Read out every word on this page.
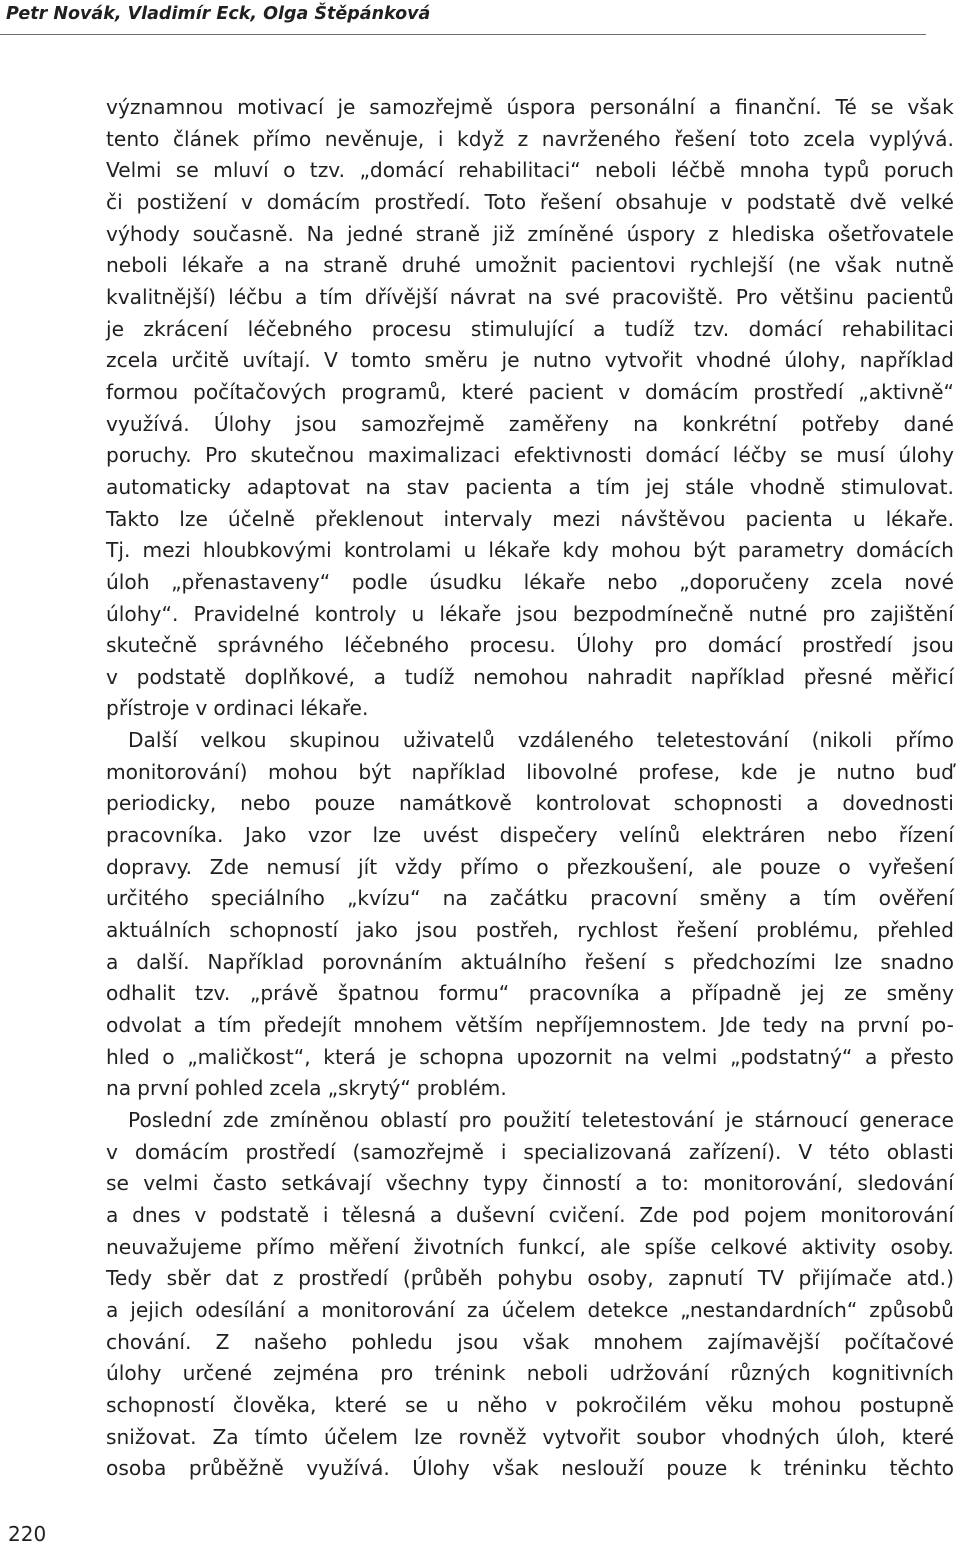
Petr Novák, Vladimír Eck, Olga Štěpánková
významnou motivací je samozřejmě úspora personální a finanční. Té se však
tento článek přímo nevěnuje, i když z navrženého řešení toto zcela vyplývá.
Velmi se mluví o tzv. „domácí rehabilitaci“ neboli léčbě mnoha typů poruch
či postižení v domácím prostředí. Toto řešení obsahuje v podstatě dvě velké
výhody současně. Na jedné straně již zmíněné úspory z hlediska ošetřovatele
neboli lékaře a na straně druhé umožnit pacientovi rychlejší (ne však nutně
kvalitnější) léčbu a tím dřívější návrat na své pracoviště. Pro většinu pacientů
je zkrácení léčebného procesu stimulující a tudíž tzv. domácí rehabilitaci
zcela určitě uvítají. V tomto směru je nutno vytvořit vhodné úlohy, například
formou počítačových programů, které pacient v domácím prostředí „aktivně“
využívá. Úlohy jsou samozřejmě zaměřeny na konkrétní potřeby dané
poruchy. Pro skutečnou maximalizaci efektivnosti domácí léčby se musí úlohy
automaticky adaptovat na stav pacienta a tím jej stále vhodně stimulovat.
Takto lze účelně překlenout intervaly mezi návštěvou pacienta u lékaře.
Tj. mezi hloubkovými kontrolami u lékaře kdy mohou být parametry domácích
úloh „přenastaveny“ podle úsudku lékaře nebo „doporučeny zcela nové
úlohy“. Pravidelné kontroly u lékaře jsou bezpodmínečně nutné pro zajištění
skutečně správného léčebného procesu. Úlohy pro domácí prostředí jsou
v podstatě doplňkové, a tudíž nemohou nahradit například přesné měřicí
přístroje v ordinaci lékaře.
Další velkou skupinou uživatelů vzdáleného teletestování (nikoli přímo
monitorování) mohou být například libovolné profese, kde je nutno buď
periodicky, nebo pouze namátkově kontrolovat schopnosti a dovednosti
pracovníka. Jako vzor lze uvést dispečery velínů elektráren nebo řízení
dopravy. Zde nemusí jít vždy přímo o přezkoušení, ale pouze o vyřešení
určitého speciálního „kvízu“ na začátku pracovní směny a tím ověření
aktuálních schopností jako jsou postřeh, rychlost řešení problému, přehled
a další. Například porovnáním aktuálního řešení s předchozími lze snadno
odhalit tzv. „právě špatnou formu“ pracovníka a případně jej ze směny
odvolat a tím předejít mnohem větším nepříjemnostem. Jde tedy na první po-
hled o „maličkost“, která je schopna upozornit na velmi „podstatný“ a přesto
na první pohled zcela „skrytý“ problém.
Poslední zde zmíněnou oblastí pro použití teletestování je stárnoucí generace
v domácím prostředí (samozřejmě i specializovaná zařízení). V této oblasti
se velmi často setkávají všechny typy činností a to: monitorování, sledování
a dnes v podstatě i tělesná a duševní cvičení. Zde pod pojem monitorování
neuvažujeme přímo měření životních funkcí, ale spíše celkové aktivity osoby.
Tedy sběr dat z prostředí (průběh pohybu osoby, zapnutí TV přijímače atd.)
a jejich odesílání a monitorování za účelem detekce „nestandardních“ způsobů
chování. Z našeho pohledu jsou však mnohem zajímavější počítačové
úlohy určené zejména pro trénink neboli udržování různých kognitivních
schopností člověka, které se u něho v pokročilém věku mohou postupně
snižovat. Za tímto účelem lze rovněž vytvořit soubor vhodných úloh, které
osoba průběžně využívá. Úlohy však neslouží pouze k tréninku těchto
220
